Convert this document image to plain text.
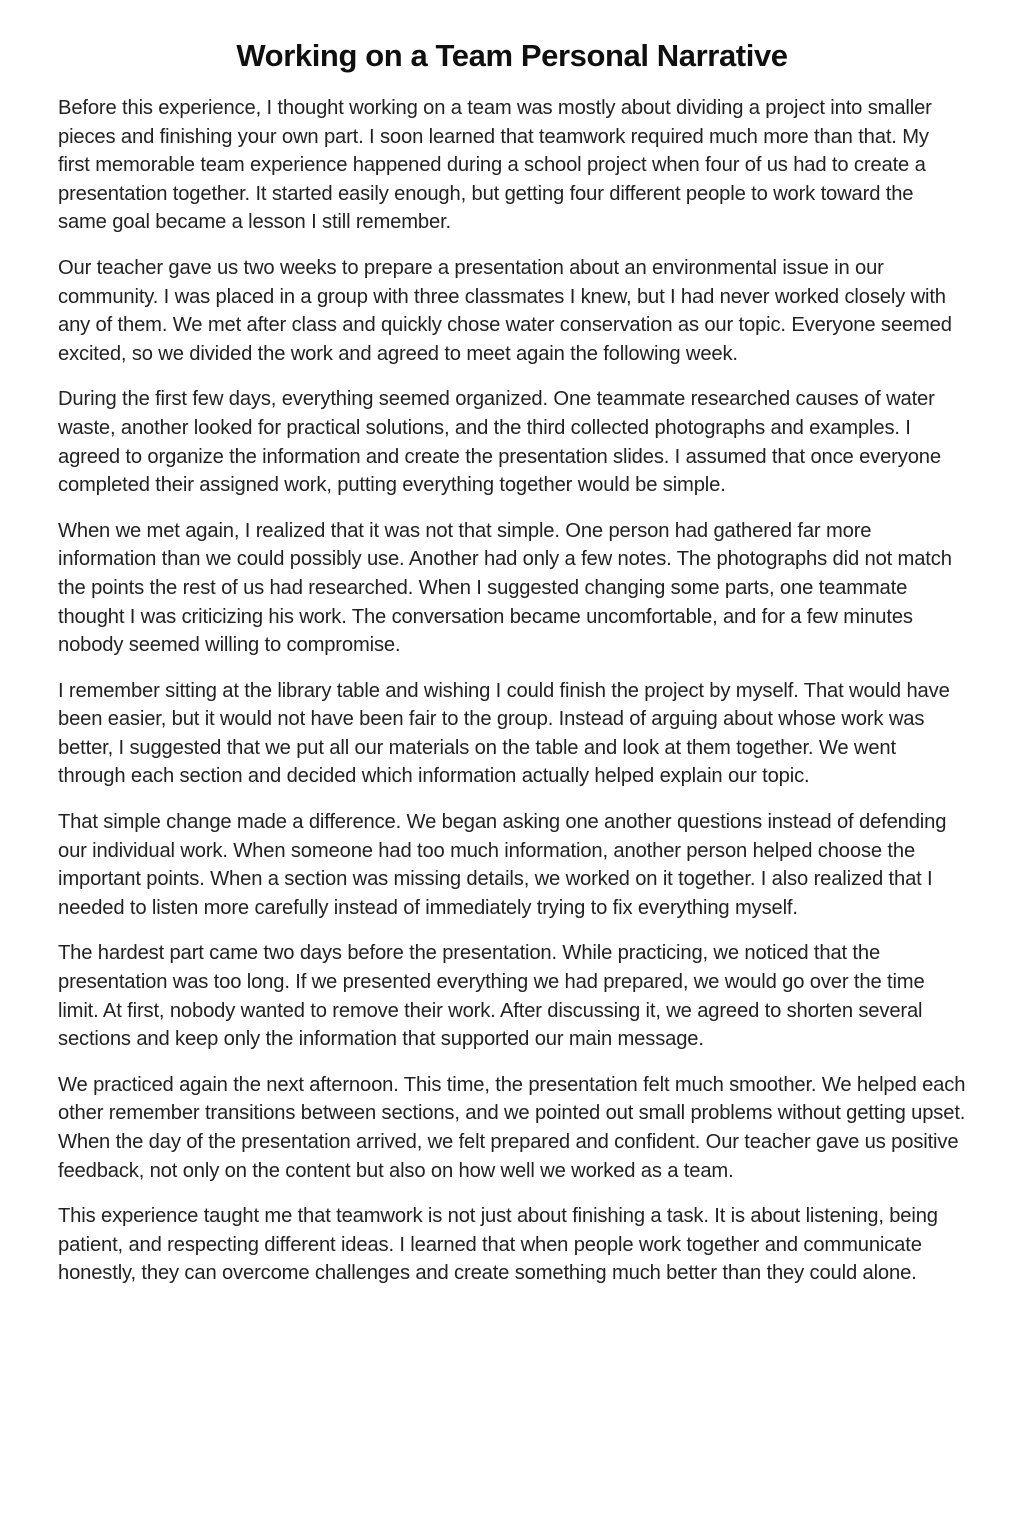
Working on a Team Personal Narrative

Before this experience, I thought working on a team was mostly about dividing a project into smaller pieces and finishing your own part. I soon learned that teamwork required much more than that. My first memorable team experience happened during a school project when four of us had to create a presentation together. It started easily enough, but getting four different people to work toward the same goal became a lesson I still remember.

Our teacher gave us two weeks to prepare a presentation about an environmental issue in our community. I was placed in a group with three classmates I knew, but I had never worked closely with any of them. We met after class and quickly chose water conservation as our topic. Everyone seemed excited, so we divided the work and agreed to meet again the following week.

During the first few days, everything seemed organized. One teammate researched causes of water waste, another looked for practical solutions, and the third collected photographs and examples. I agreed to organize the information and create the presentation slides. I assumed that once everyone completed their assigned work, putting everything together would be simple.

When we met again, I realized that it was not that simple. One person had gathered far more information than we could possibly use. Another had only a few notes. The photographs did not match the points the rest of us had researched. When I suggested changing some parts, one teammate thought I was criticizing his work. The conversation became uncomfortable, and for a few minutes nobody seemed willing to compromise.

I remember sitting at the library table and wishing I could finish the project by myself. That would have been easier, but it would not have been fair to the group. Instead of arguing about whose work was better, I suggested that we put all our materials on the table and look at them together. We went through each section and decided which information actually helped explain our topic.

That simple change made a difference. We began asking one another questions instead of defending our individual work. When someone had too much information, another person helped choose the important points. When a section was missing details, we worked on it together. I also realized that I needed to listen more carefully instead of immediately trying to fix everything myself.

The hardest part came two days before the presentation. While practicing, we noticed that the presentation was too long. If we presented everything we had prepared, we would go over the time limit. At first, nobody wanted to remove their work. After discussing it, we agreed to shorten several sections and keep only the information that supported our main message.

We practiced again the next afternoon. This time, the presentation felt much smoother. We helped each other remember transitions between sections, and we pointed out small problems without getting upset. When the day of the presentation arrived, we felt prepared and confident. Our teacher gave us positive feedback, not only on the content but also on how well we worked as a team.

This experience taught me that teamwork is not just about finishing a task. It is about listening, being patient, and respecting different ideas. I learned that when people work together and communicate honestly, they can overcome challenges and create something much better than they could alone.
